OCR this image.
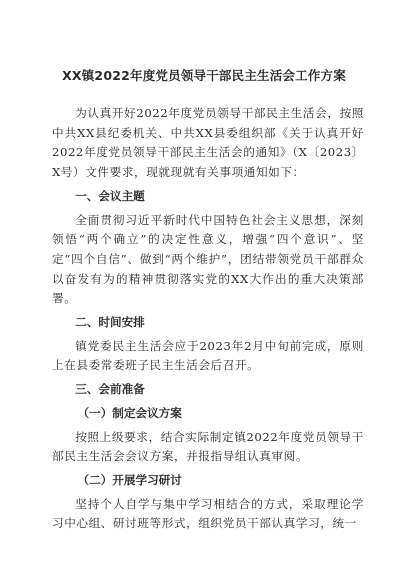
XX镇2022年度党员领导干部民主生活会工作方案

为认真开好2022年度党员领导干部民主生活会，按照中共XX县纪委机关、中共XX县委组织部《关于认真开好2022年度党员领导干部民主生活会的通知》（X〔2023〕X号）文件要求，现就现就有关事项通知如下：

一、会议主题

全面贯彻习近平新时代中国特色社会主义思想，深刻领悟“两个确立”的决定性意义，增强“四个意识”、坚定“四个自信”、做到“两个维护”，团结带领党员干部群众以奋发有为的精神贯彻落实党的XX大作出的重大决策部署。

二、时间安排

镇党委民主生活会应于2023年2月中旬前完成，原则上在县委常委班子民主生活会后召开。

三、会前准备
（一）制定会议方案

按照上级要求，结合实际制定镇2022年度党员领导干部民主生活会会议方案，并报指导组认真审阅。

（二）开展学习研讨

坚持个人自学与集中学习相结合的方式，采取理论学习中心组、研讨班等形式，组织党员干部认真学习，统一
